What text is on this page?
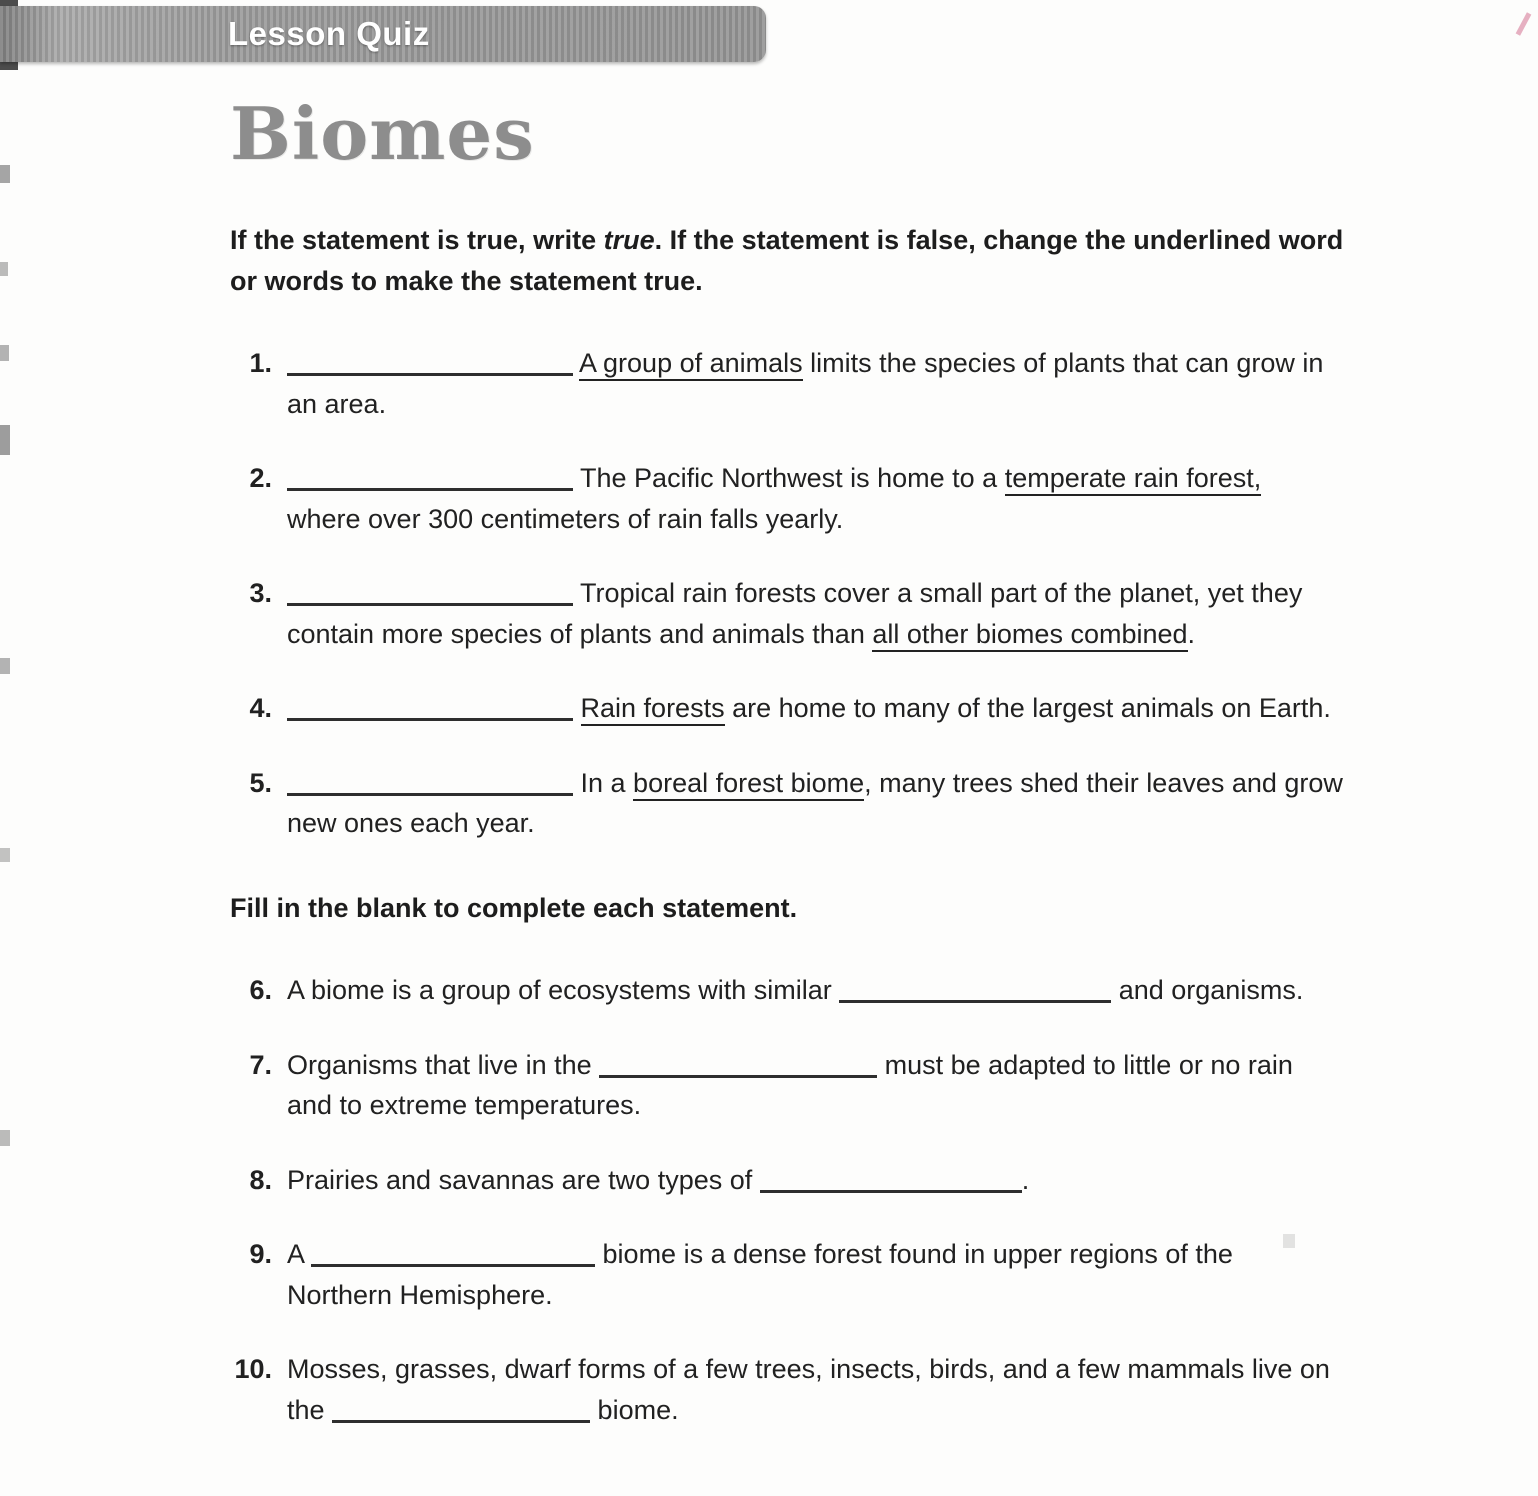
Lesson Quiz
Biomes

If the statement is true, write true. If the statement is false, change the underlined word
or words to make the statement true.

1.	A group of animals limits the species of plants that can grow in
an area.
2.	The Pacific Northwest is home to a temperate rain forest,
where over 300 centimeters of rain falls yearly.
3.	Tropical rain forests cover a small part of the planet, yet they
contain more species of plants and animals than all other biomes combined.
4.	Rain forests are home to many of the largest animals on Earth.
5.	In a boreal forest biome, many trees shed their leaves and grow
new ones each year.

Fill in the blank to complete each statement.

6. A biome is a group of ecosystems with similar	and organisms.
7. Organisms that live in the	must be adapted to little or no rain
and to extreme temperatures.
8. Prairies and savannas are two types of	.
9. A	biome is a dense forest found in upper regions of the
Northern Hemisphere.
10. Mosses, grasses, dwarf forms of a few trees, insects, birds, and a few mammals live on
the	biome.
